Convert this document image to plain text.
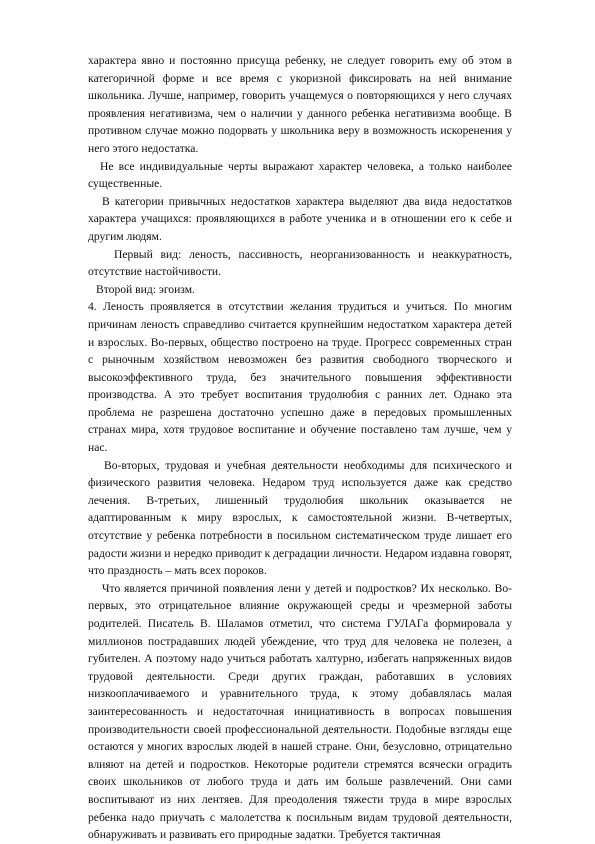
характера явно и постоянно присуща ребенку, не следует говорить ему об этом в категоричной форме и все время с укоризной фиксировать на ней внимание школьника. Лучше, например, говорить учащемуся о повторяющихся у него случаях проявления негативизма, чем о наличии у данного ребенка негативизма вообще. В противном случае можно подорвать у школьника веру в возможность искоренения у него этого недостатка.

Не все индивидуальные черты выражают характер человека, а только наиболее существенные.

В категории привычных недостатков характера выделяют два вида недостатков характера учащихся: проявляющихся в работе ученика и в отношении его к себе и другим людям.

Первый вид: леность, пассивность, неорганизованность и неаккуратность, отсутствие настойчивости.

Второй вид: эгоизм.

4. Леность проявляется в отсутствии желания трудиться и учиться. По многим причинам леность справедливо считается крупнейшим недостатком характера детей и взрослых. Во-первых, общество построено на труде. Прогресс современных стран с рыночным хозяйством невозможен без развития свободного творческого и высокоэффективного труда, без значительного повышения эффективности производства. А это требует воспитания трудолюбия с ранних лет. Однако эта проблема не разрешена достаточно успешно даже в передовых промышленных странах мира, хотя трудовое воспитание и обучение поставлено там лучше, чем у нас.

Во-вторых, трудовая и учебная деятельности необходимы для психического и физического развития человека. Недаром труд используется даже как средство лечения. В-третьих, лишенный трудолюбия школьник оказывается не адаптированным к миру взрослых, к самостоятельной жизни. В-четвертых, отсутствие у ребенка потребности в посильном систематическом труде лишает его радости жизни и нередко приводит к деградации личности. Недаром издавна говорят, что праздность – мать всех пороков.

Что является причиной появления лени у детей и подростков? Их несколько. Во-первых, это отрицательное влияние окружающей среды и чрезмерной заботы родителей. Писатель В. Шаламов отметил, что система ГУЛАГа формировала у миллионов пострадавших людей убеждение, что труд для человека не полезен, а губителен. А поэтому надо учиться работать халтурно, избегать напряженных видов трудовой деятельности. Среди других граждан, работавших в условиях низкооплачиваемого и уравнительного труда, к этому добавлялась малая заинтересованность и недостаточная инициативность в вопросах повышения производительности своей профессиональной деятельности. Подобные взгляды еще остаются у многих взрослых людей в нашей стране. Они, безусловно, отрицательно влияют на детей и подростков. Некоторые родители стремятся всячески оградить своих школьников от любого труда и дать им больше развлечений. Они сами воспитывают из них лентяев. Для преодоления тяжести труда в мире взрослых ребенка надо приучать с малолетства к посильным видам трудовой деятельности, обнаруживать и развивать его природные задатки. Требуется тактичная
